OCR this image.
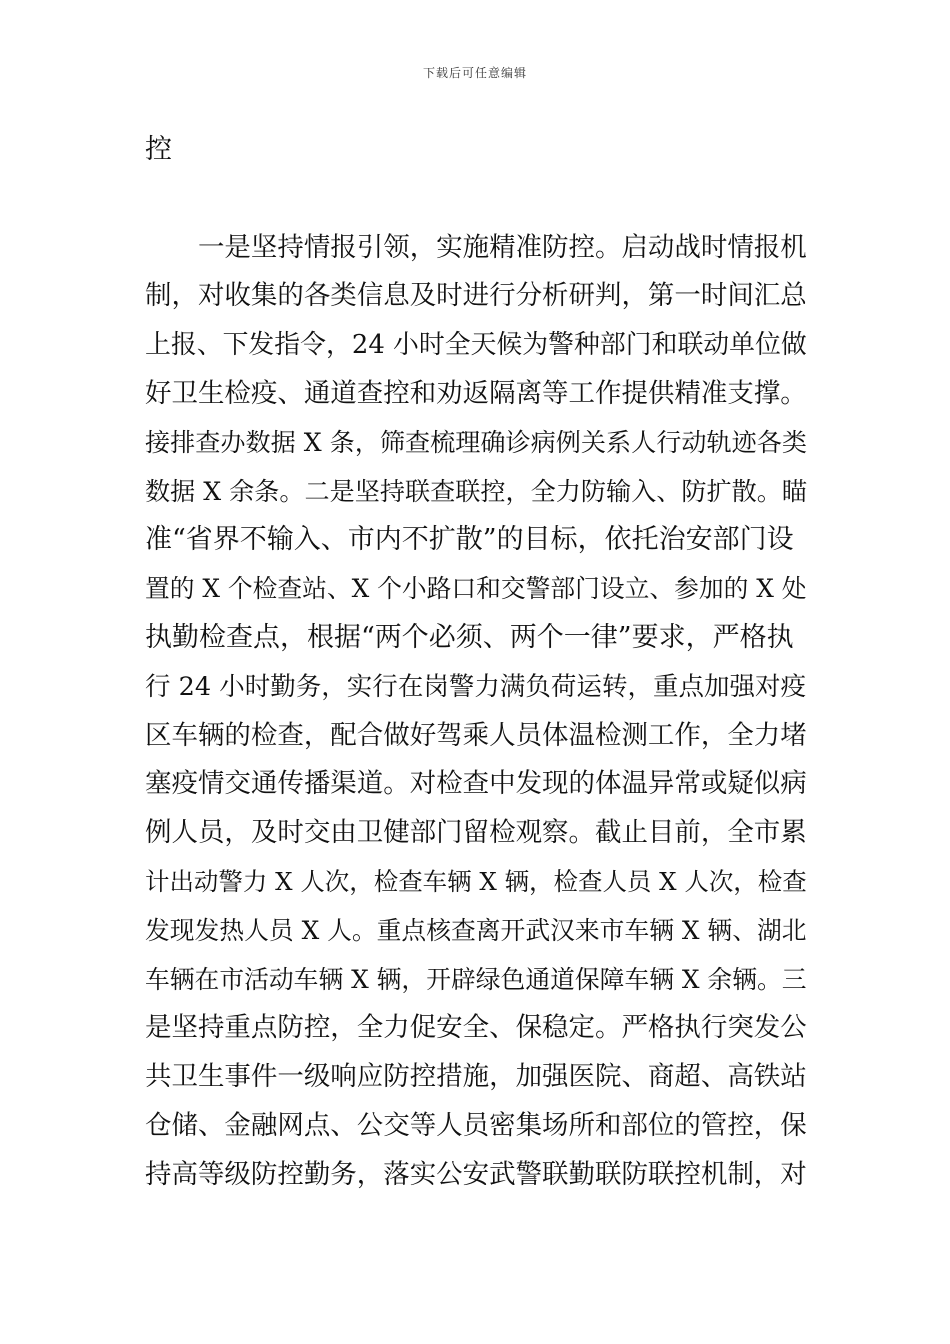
下载后可任意编辑
控
　　一是坚持情报引领，实施精准防控。启动战时情报机
制，对收集的各类信息及时进行分析研判，第一时间汇总
上报、下发指令，24 小时全天候为警种部门和联动单位做
好卫生检疫、通道查控和劝返隔离等工作提供精准支撑。
接排查办数据 X 条，筛查梳理确诊病例关系人行动轨迹各类
数据 X 余条。二是坚持联查联控，全力防输入、防扩散。瞄
准“省界不输入、市内不扩散”的目标，依托治安部门设
置的 X 个检查站、X 个小路口和交警部门设立、参加的 X 处
执勤检查点，根据“两个必须、两个一律”要求，严格执
行 24 小时勤务，实行在岗警力满负荷运转，重点加强对疫
区车辆的检查，配合做好驾乘人员体温检测工作，全力堵
塞疫情交通传播渠道。对检查中发现的体温异常或疑似病
例人员，及时交由卫健部门留检观察。截止目前，全市累
计出动警力 X 人次，检查车辆 X 辆，检查人员 X 人次，检查
发现发热人员 X 人。重点核查离开武汉来市车辆 X 辆、湖北
车辆在市活动车辆 X 辆，开辟绿色通道保障车辆 X 余辆。三
是坚持重点防控，全力促安全、保稳定。严格执行突发公
共卫生事件一级响应防控措施，加强医院、商超、高铁站
仓储、金融网点、公交等人员密集场所和部位的管控，保
持高等级防控勤务，落实公安武警联勤联防联控机制，对
